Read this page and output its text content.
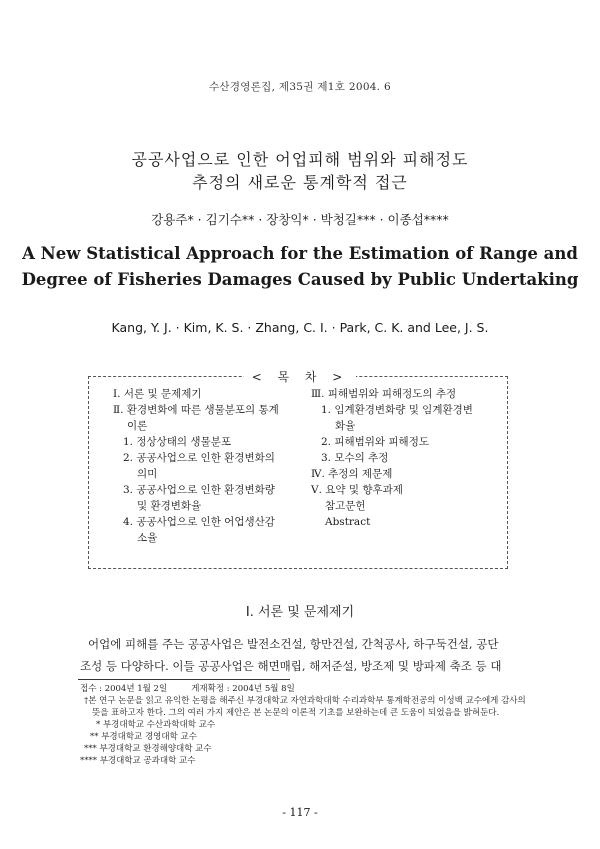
수산경영론집, 제35권 제1호 2004. 6
공공사업으로 인한 어업피해 범위와 피해정도
추정의 새로운 통계학적 접근
강용주* · 김기수** · 장창익* · 박청길*** · 이종섭****
A New Statistical Approach for the Estimation of Range and
Degree of Fisheries Damages Caused by Public Undertaking
Kang, Y. J. · Kim, K. S. · Zhang, C. I. · Park, C. K. and Lee, J. S.
< 목 차 >
Ⅰ. 서론 및 문제제기
Ⅱ. 환경변화에 따른 생물분포의 통계
이론
1. 정상상태의 생물분포
2. 공공사업으로 인한 환경변화의
의미
3. 공공사업으로 인한 환경변화량
및 환경변화율
4. 공공사업으로 인한 어업생산감
소율
Ⅲ. 피해범위와 피해정도의 추정
1. 임계환경변화량 및 임계환경변
화율
2. 피해범위와 피해정도
3. 모수의 추정
Ⅳ. 추정의 제문제
Ⅴ. 요약 및 향후과제
참고문헌
Abstract
Ⅰ. 서론 및 문제제기

어업에 피해를 주는 공공사업은 발전소건설, 항만건설, 간척공사, 하구둑건설, 공단

조성 등 다양하다. 이들 공공사업은 해면매립, 해저준설, 방조제 및 방파제 축조 등 대
접수 : 2004년 1월 2일	게재확정 : 2004년 5월 8일
†본 연구 논문을 읽고 유익한 논평을 해주신 부경대학교 자연과학대학 수리과학부 통계학전공의 이성백 교수에게 감사의 뜻을 표하고자 한다. 그의 여러 가지 제안은 본 논문의 이론적 기초를 보완하는데 큰 도움이 되었음을 밝혀둔다.
* 부경대학교 수산과학대학 교수
** 부경대학교 경영대학 교수
*** 부경대학교 환경해양대학 교수
**** 부경대학교 공과대학 교수
- 117 -
